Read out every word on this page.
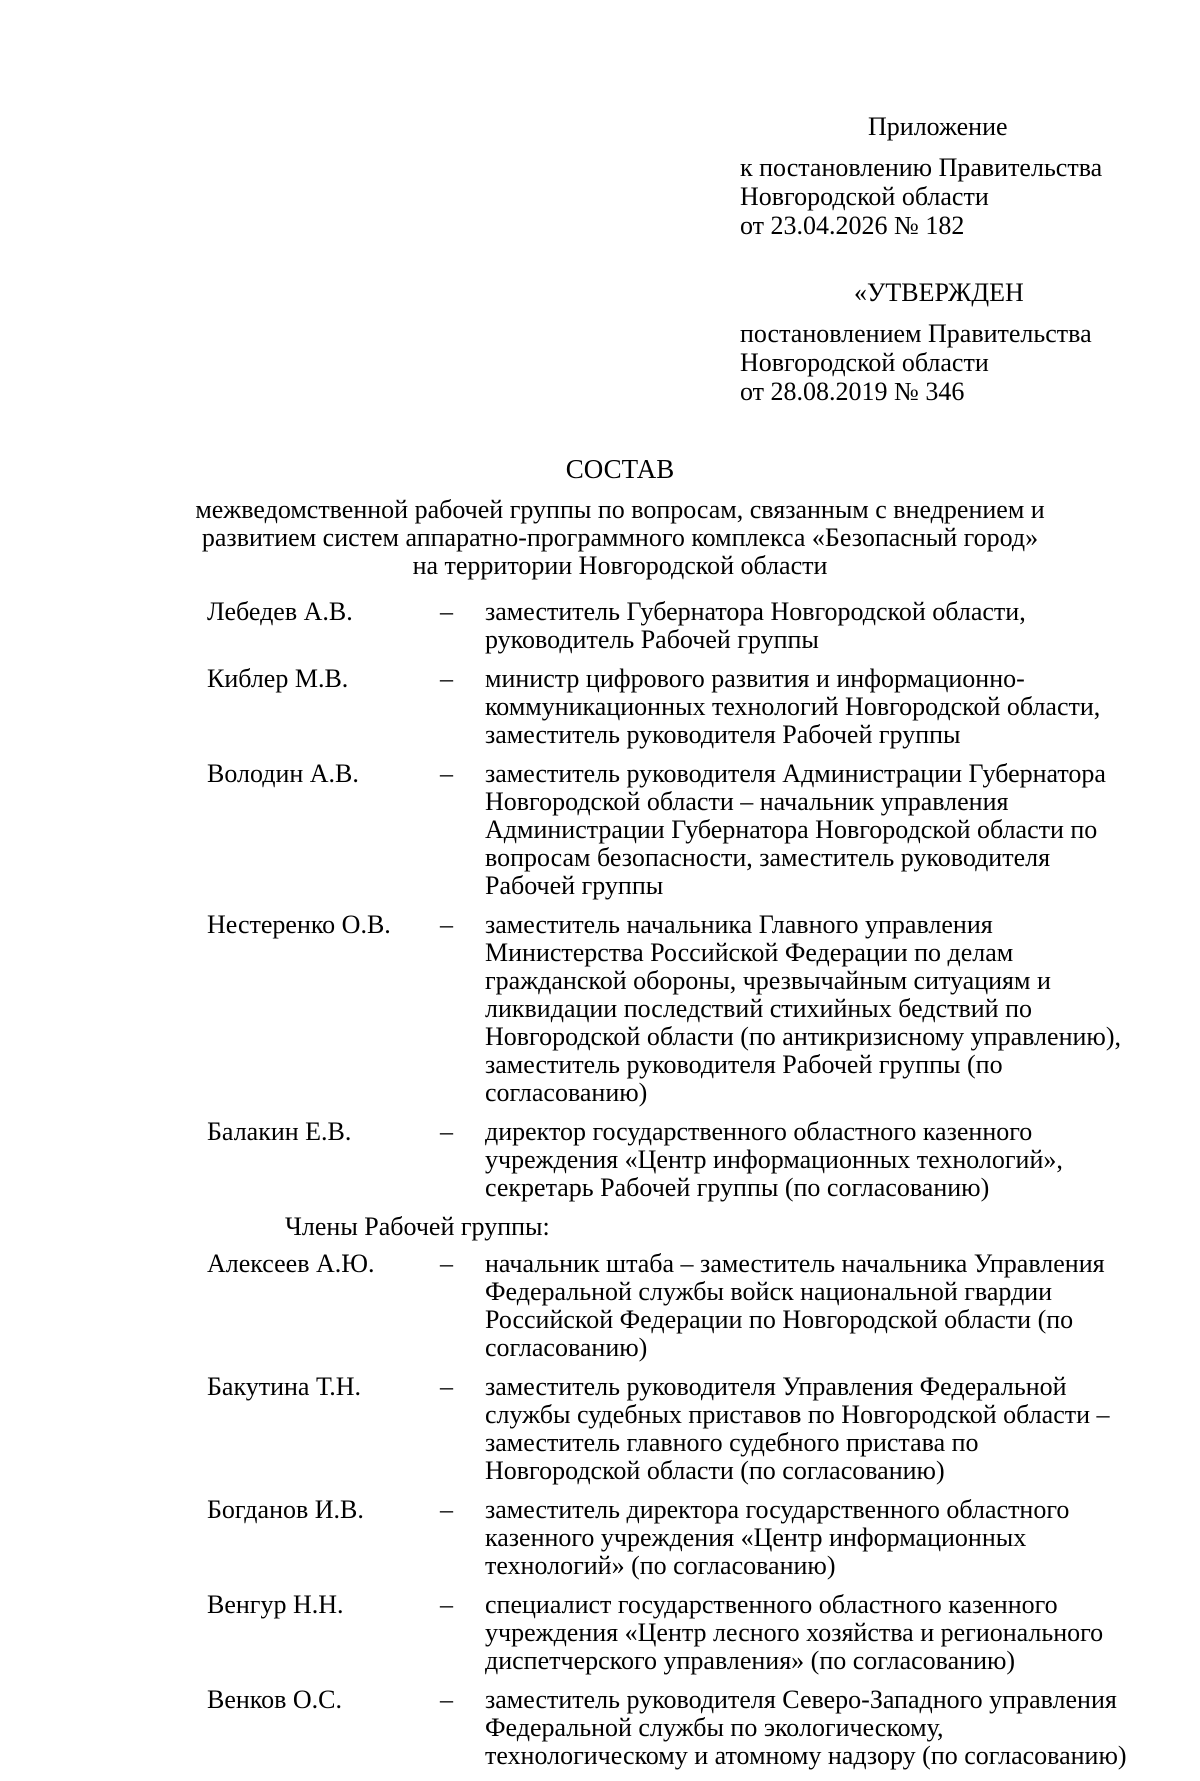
Приложение
к постановлению Правительства
Новгородской области
от 23.04.2026 № 182
«УТВЕРЖДЕН
постановлением Правительства
Новгородской области
от 28.08.2019 № 346
СОСТАВ
межведомственной рабочей группы по вопросам, связанным с внедрением и
развитием систем аппаратно-программного комплекса «Безопасный город»
на территории Новгородской области
Лебедев А.В.	–	заместитель Губернатора Новгородской области, руководитель Рабочей группы
Киблер М.В.	–	министр цифрового развития и информационно-коммуникационных технологий Новгородской области, заместитель руководителя Рабочей группы
Володин А.В.	–	заместитель руководителя Администрации Губернатора Новгородской области – начальник управления Администрации Губернатора Новгородской области по вопросам безопасности, заместитель руководителя Рабочей группы
Нестеренко О.В.	–	заместитель начальника Главного управления Министерства Российской Федерации по делам гражданской обороны, чрезвычайным ситуациям и ликвидации последствий стихийных бедствий по Новгородской области (по антикризисному управлению), заместитель руководителя Рабочей группы (по согласованию)
Балакин Е.В.	–	директор государственного областного казенного учреждения «Центр информационных технологий», секретарь Рабочей группы (по согласованию)
Члены Рабочей группы:
Алексеев А.Ю.	–	начальник штаба – заместитель начальника Управления Федеральной службы войск национальной гвардии Российской Федерации по Новгородской области (по согласованию)
Бакутина Т.Н.	–	заместитель руководителя Управления Федеральной службы судебных приставов по Новгородской области – заместитель главного судебного пристава по Новгородской области (по согласованию)
Богданов И.В.	–	заместитель директора государственного областного казенного учреждения «Центр информационных технологий» (по согласованию)
Венгур Н.Н.	–	специалист государственного областного казенного учреждения «Центр лесного хозяйства и регионального диспетчерского управления» (по согласованию)
Венков О.С.	–	заместитель руководителя Северо-Западного управления Федеральной службы по экологическому, технологическому и атомному надзору (по согласованию)
